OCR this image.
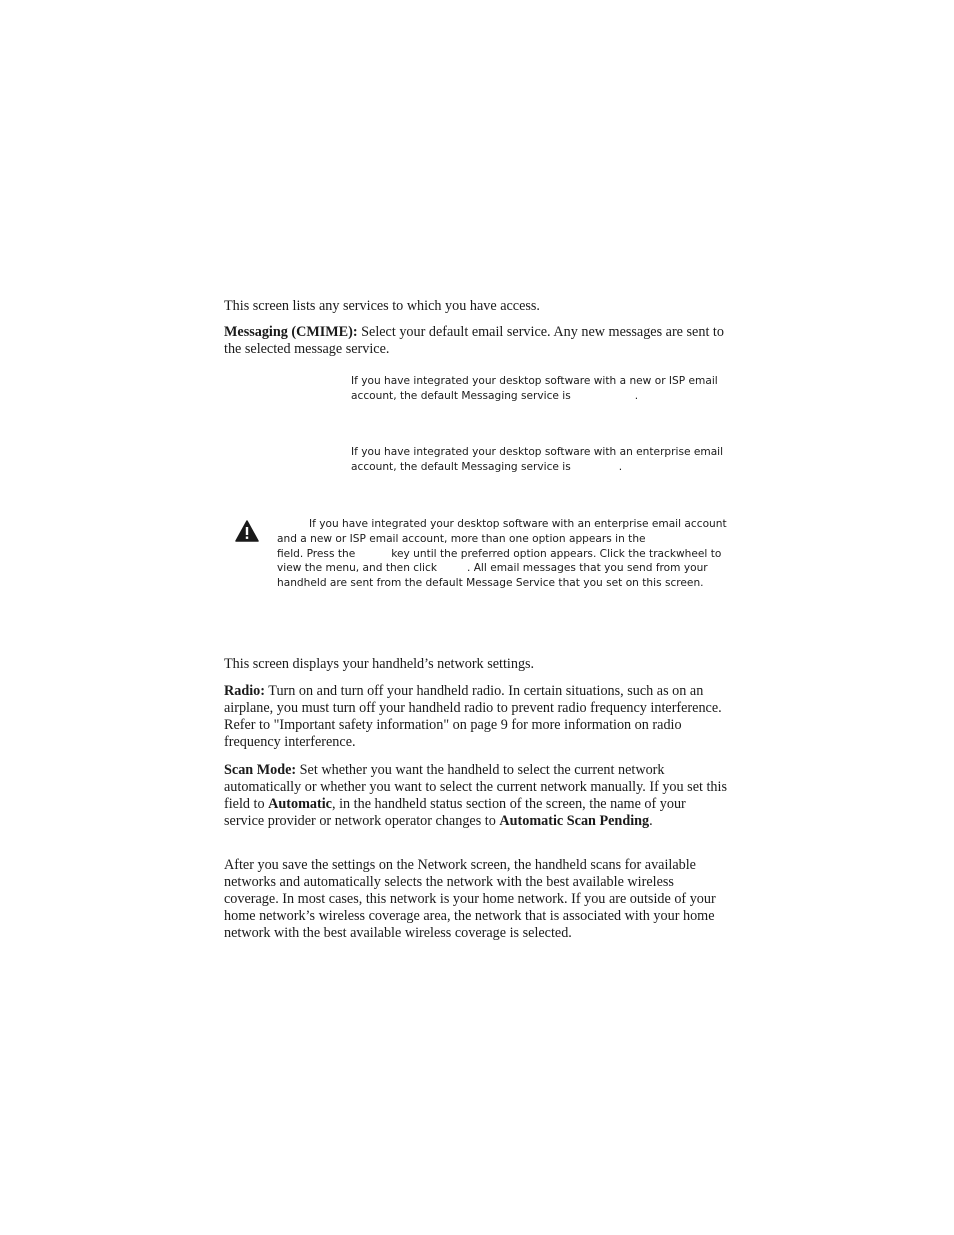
This screen lists any services to which you have access.
Messaging (CMIME): Select your default email service. Any new messages are sent to the selected message service.
If you have integrated your desktop software with a new or ISP email account, the default Messaging service is	.
If you have integrated your desktop software with an enterprise email account, the default Messaging service is	.
If you have integrated your desktop software with an enterprise email account and a new or ISP email account, more than one option appears in thefield. Press the	key until the preferred option appears. Click the trackwheel to view the menu, and then click	. All email messages that you send from your handheld are sent from the default Message Service that you set on this screen.
This screen displays your handheld’s network settings.
Radio: Turn on and turn off your handheld radio. In certain situations, such as on an airplane, you must turn off your handheld radio to prevent radio frequency interference. Refer to "Important safety information" on page 9 for more information on radio frequency interference.
Scan Mode: Set whether you want the handheld to select the current network automatically or whether you want to select the current network manually. If you set this field to Automatic, in the handheld status section of the screen, the name of your service provider or network operator changes to Automatic Scan Pending.
After you save the settings on the Network screen, the handheld scans for available networks and automatically selects the network with the best available wireless coverage. In most cases, this network is your home network. If you are outside of your home network’s wireless coverage area, the network that is associated with your home network with the best available wireless coverage is selected.
